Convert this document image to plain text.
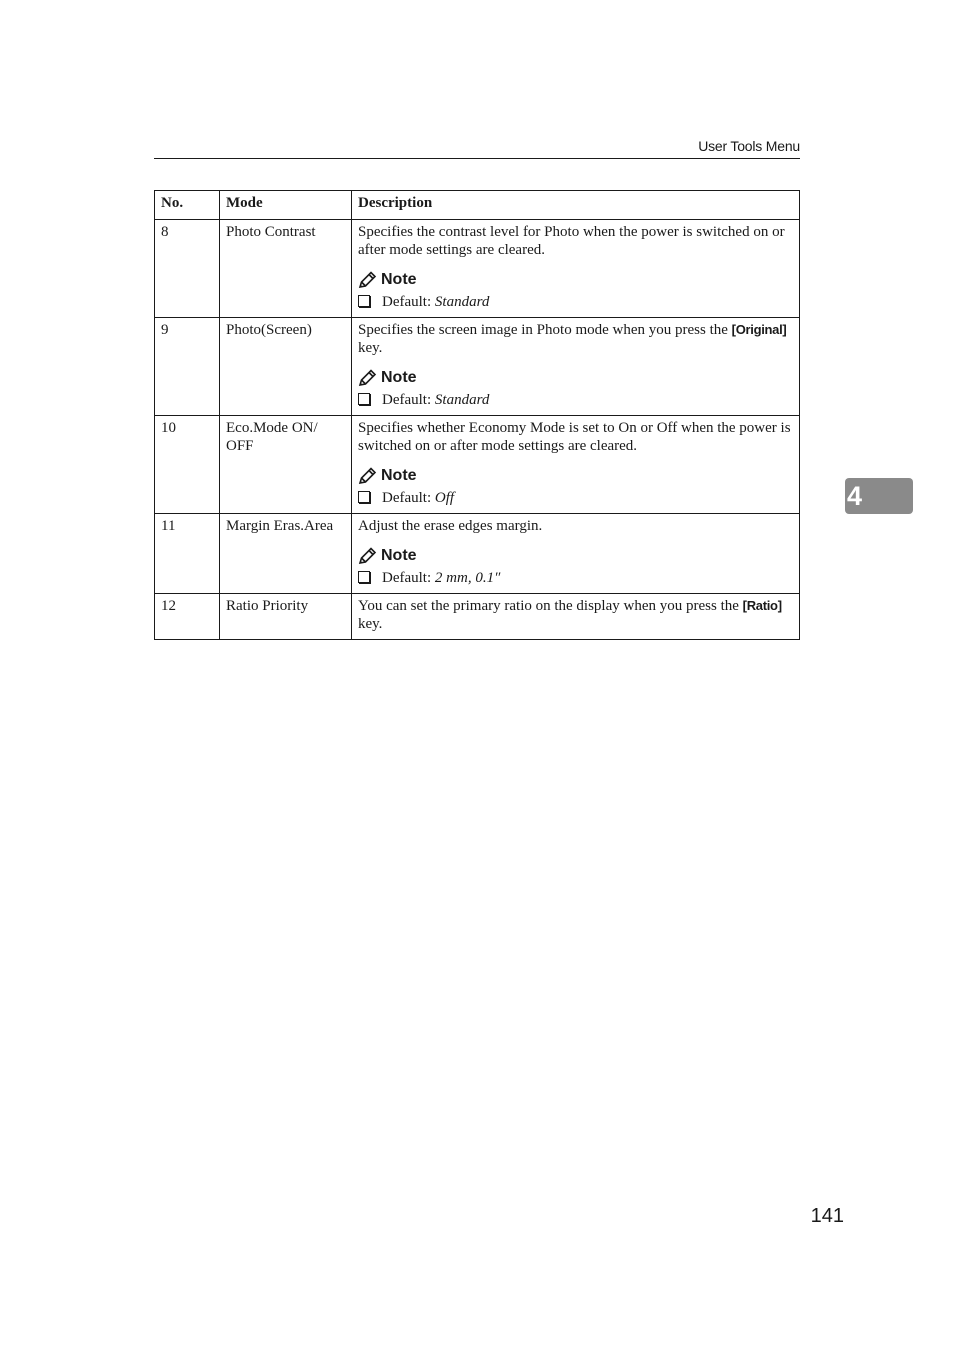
User Tools Menu
No.	Mode	Description
8	Photo Contrast	Specifies the contrast level for Photo when the power is switched on or after mode settings are cleared.
Note
Default:
Standard

9	Photo(Screen)	Specifies the screen image in Photo mode when you press the [ Original ] key.
Note
Default:
Standard

10	Eco.Mode ON/ OFF	Specifies whether Economy Mode is set to On or Off when the power is switched on or after mode settings are cleared.
Note
Default:
Off

11	Margin Eras.Area	Adjust the erase edges margin.
Note
Default:
2 mm, 0.1″

12	Ratio Priority	You can set the primary ratio on the display when you press the [ Ratio ] key.
4
141
